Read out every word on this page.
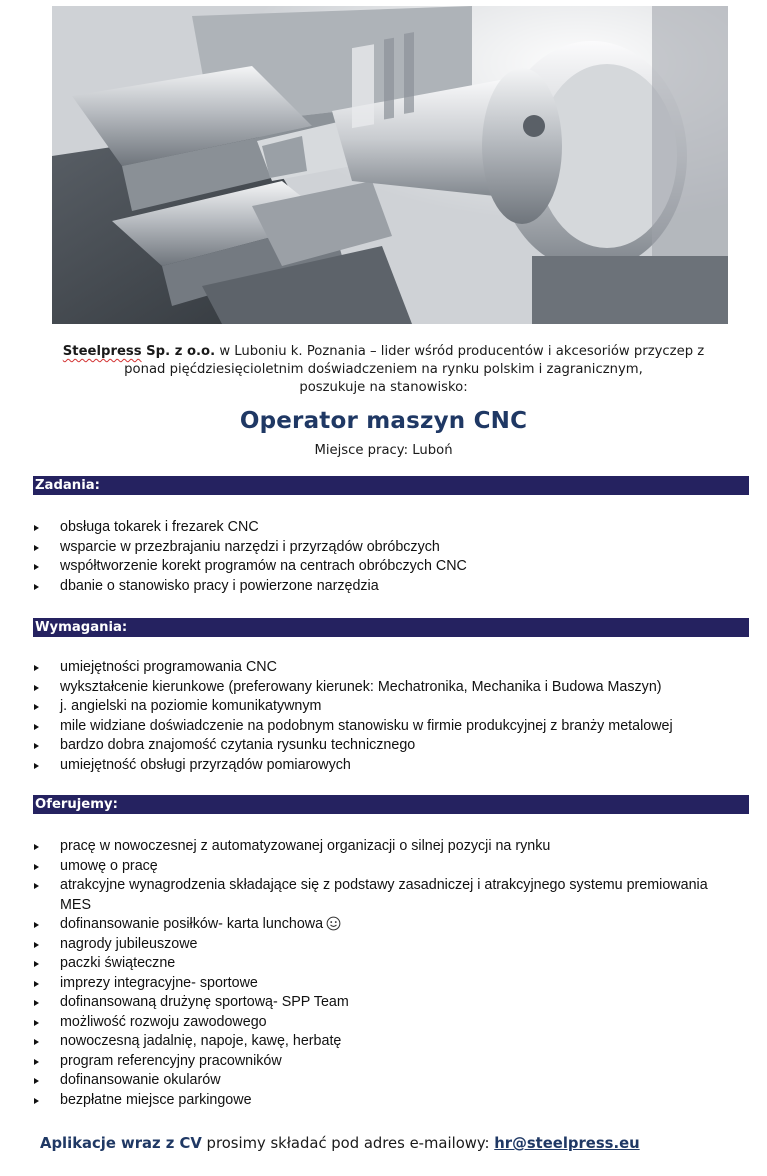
Steelpress Sp. z o.o. w Luboniu k. Poznania – lider wśród producentów i akcesoriów przyczep z
ponad pięćdziesięcioletnim doświadczeniem na rynku polskim i zagranicznym,
poszukuje na stanowisko:
Operator maszyn CNC
Miejsce pracy: Luboń
Zadania:
obsługa tokarek i frezarek CNC
wsparcie w przezbrajaniu narzędzi i przyrządów obróbczych
współtworzenie korekt programów na centrach obróbczych CNC
dbanie o stanowisko pracy i powierzone narzędzia
Wymagania:
umiejętności programowania CNC
wykształcenie kierunkowe (preferowany kierunek: Mechatronika, Mechanika i Budowa Maszyn)
j. angielski na poziomie komunikatywnym
mile widziane doświadczenie na podobnym stanowisku w firmie produkcyjnej z branży metalowej
bardzo dobra znajomość czytania rysunku technicznego
umiejętność obsługi przyrządów pomiarowych
Oferujemy:
pracę w nowoczesnej z automatyzowanej organizacji o silnej pozycji na rynku
umowę o pracę
atrakcyjne wynagrodzenia składające się z podstawy zasadniczej i atrakcyjnego systemu premiowania MES
dofinansowanie posiłków- karta lunchowa
nagrody jubileuszowe
paczki świąteczne
imprezy integracyjne- sportowe
dofinansowaną drużynę sportową- SPP Team
możliwość rozwoju zawodowego
nowoczesną jadalnię, napoje, kawę, herbatę
program referencyjny pracowników
dofinansowanie okularów
bezpłatne miejsce parkingowe
Aplikacje wraz z CV prosimy składać pod adres e-mailowy: hr@steelpress.eu
